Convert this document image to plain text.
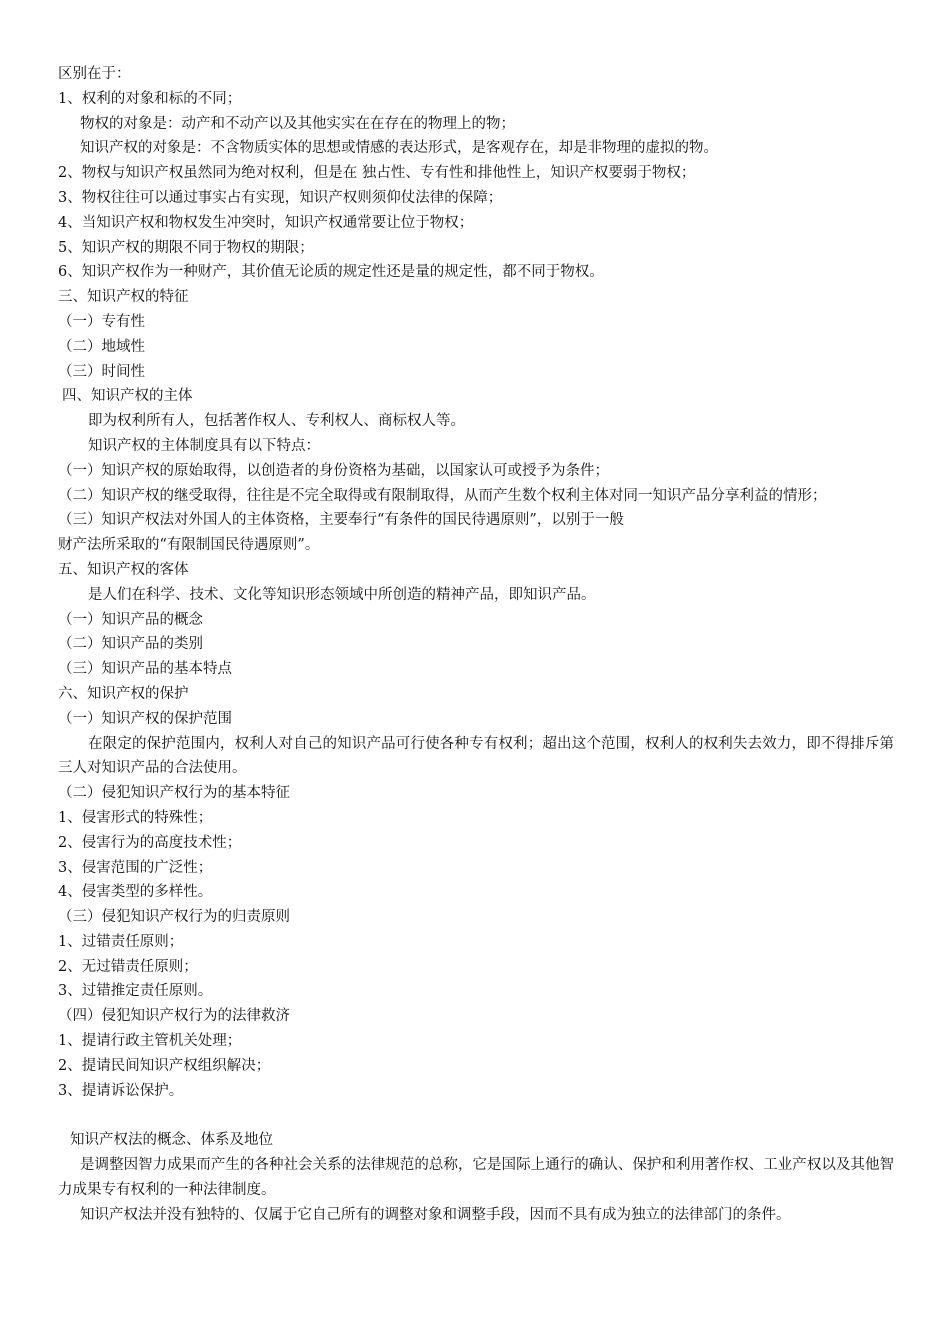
区别在于：
1、权利的对象和标的不同；
物权的对象是：动产和不动产以及其他实实在在存在的物理上的物；
知识产权的对象是：不含物质实体的思想或情感的表达形式，是客观存在，却是非物理的虚拟的物。
2、物权与知识产权虽然同为绝对权利，但是在 独占性、专有性和排他性上，知识产权要弱于物权；
3、物权往往可以通过事实占有实现，知识产权则须仰仗法律的保障；
4、当知识产权和物权发生冲突时，知识产权通常要让位于物权；
5、知识产权的期限不同于物权的期限；
6、知识产权作为一种财产，其价值无论质的规定性还是量的规定性，都不同于物权。
三、知识产权的特征
（一）专有性
（二）地域性
（三）时间性
四、知识产权的主体
即为权利所有人，包括著作权人、专利权人、商标权人等。
知识产权的主体制度具有以下特点：
（一）知识产权的原始取得，以创造者的身份资格为基础，以国家认可或授予为条件；
（二）知识产权的继受取得，往往是不完全取得或有限制取得，从而产生数个权利主体对同一知识产品分享利益的情形；
（三）知识产权法对外国人的主体资格，主要奉行“有条件的国民待遇原则”，以别于一般
财产法所采取的“有限制国民待遇原则”。
五、知识产权的客体
是人们在科学、技术、文化等知识形态领域中所创造的精神产品，即知识产品。
（一）知识产品的概念
（二）知识产品的类别
（三）知识产品的基本特点
六、知识产权的保护
（一）知识产权的保护范围
在限定的保护范围内，权利人对自己的知识产品可行使各种专有权利；超出这个范围，权利人的权利失去效力，即不得排斥第三人对知识产品的合法使用。
（二）侵犯知识产权行为的基本特征
1、侵害形式的特殊性；
2、侵害行为的高度技术性；
3、侵害范围的广泛性；
4、侵害类型的多样性。
（三）侵犯知识产权行为的归责原则
1、过错责任原则；
2、无过错责任原则；
3、过错推定责任原则。
（四）侵犯知识产权行为的法律救济
1、提请行政主管机关处理；
2、提请民间知识产权组织解决；
3、提请诉讼保护。
知识产权法的概念、体系及地位
是调整因智力成果而产生的各种社会关系的法律规范的总称，它是国际上通行的确认、保护和利用著作权、工业产权以及其他智力成果专有权利的一种法律制度。
知识产权法并没有独特的、仅属于它自己所有的调整对象和调整手段，因而不具有成为独立的法律部门的条件。
